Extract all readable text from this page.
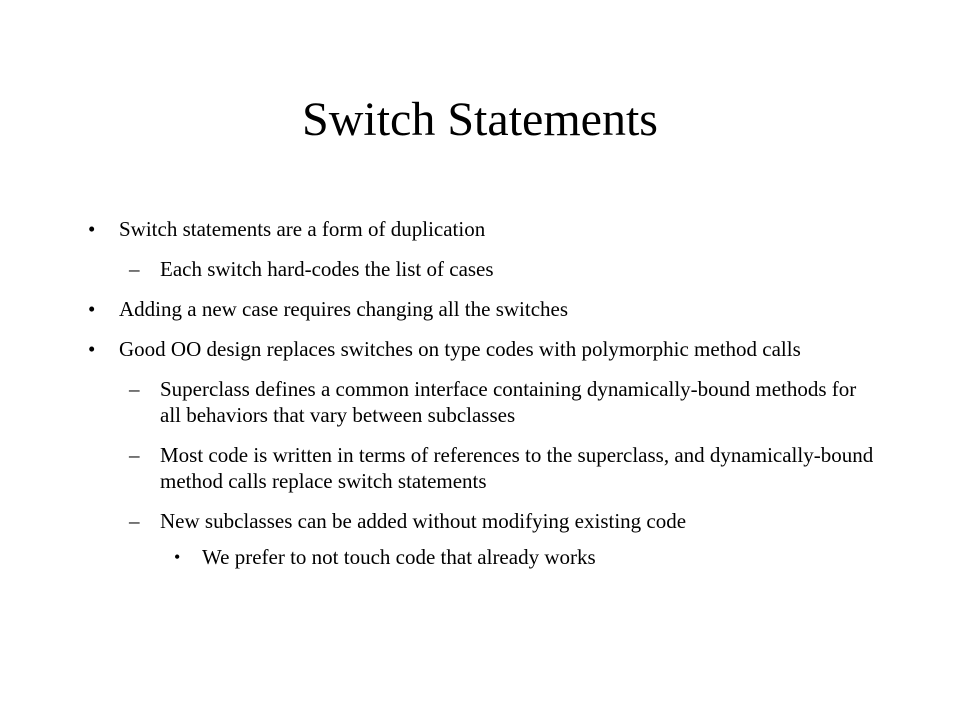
Switch Statements
• Switch statements are a form of duplication
– Each switch hard-codes the list of cases
• Adding a new case requires changing all the switches
• Good OO design replaces switches on type codes with polymorphic method calls
– Superclass defines a common interface containing dynamically-bound methods for all behaviors that vary between subclasses
– Most code is written in terms of references to the superclass, and dynamically-bound method calls replace switch statements
– New subclasses can be added without modifying existing code
• We prefer to not touch code that already works
